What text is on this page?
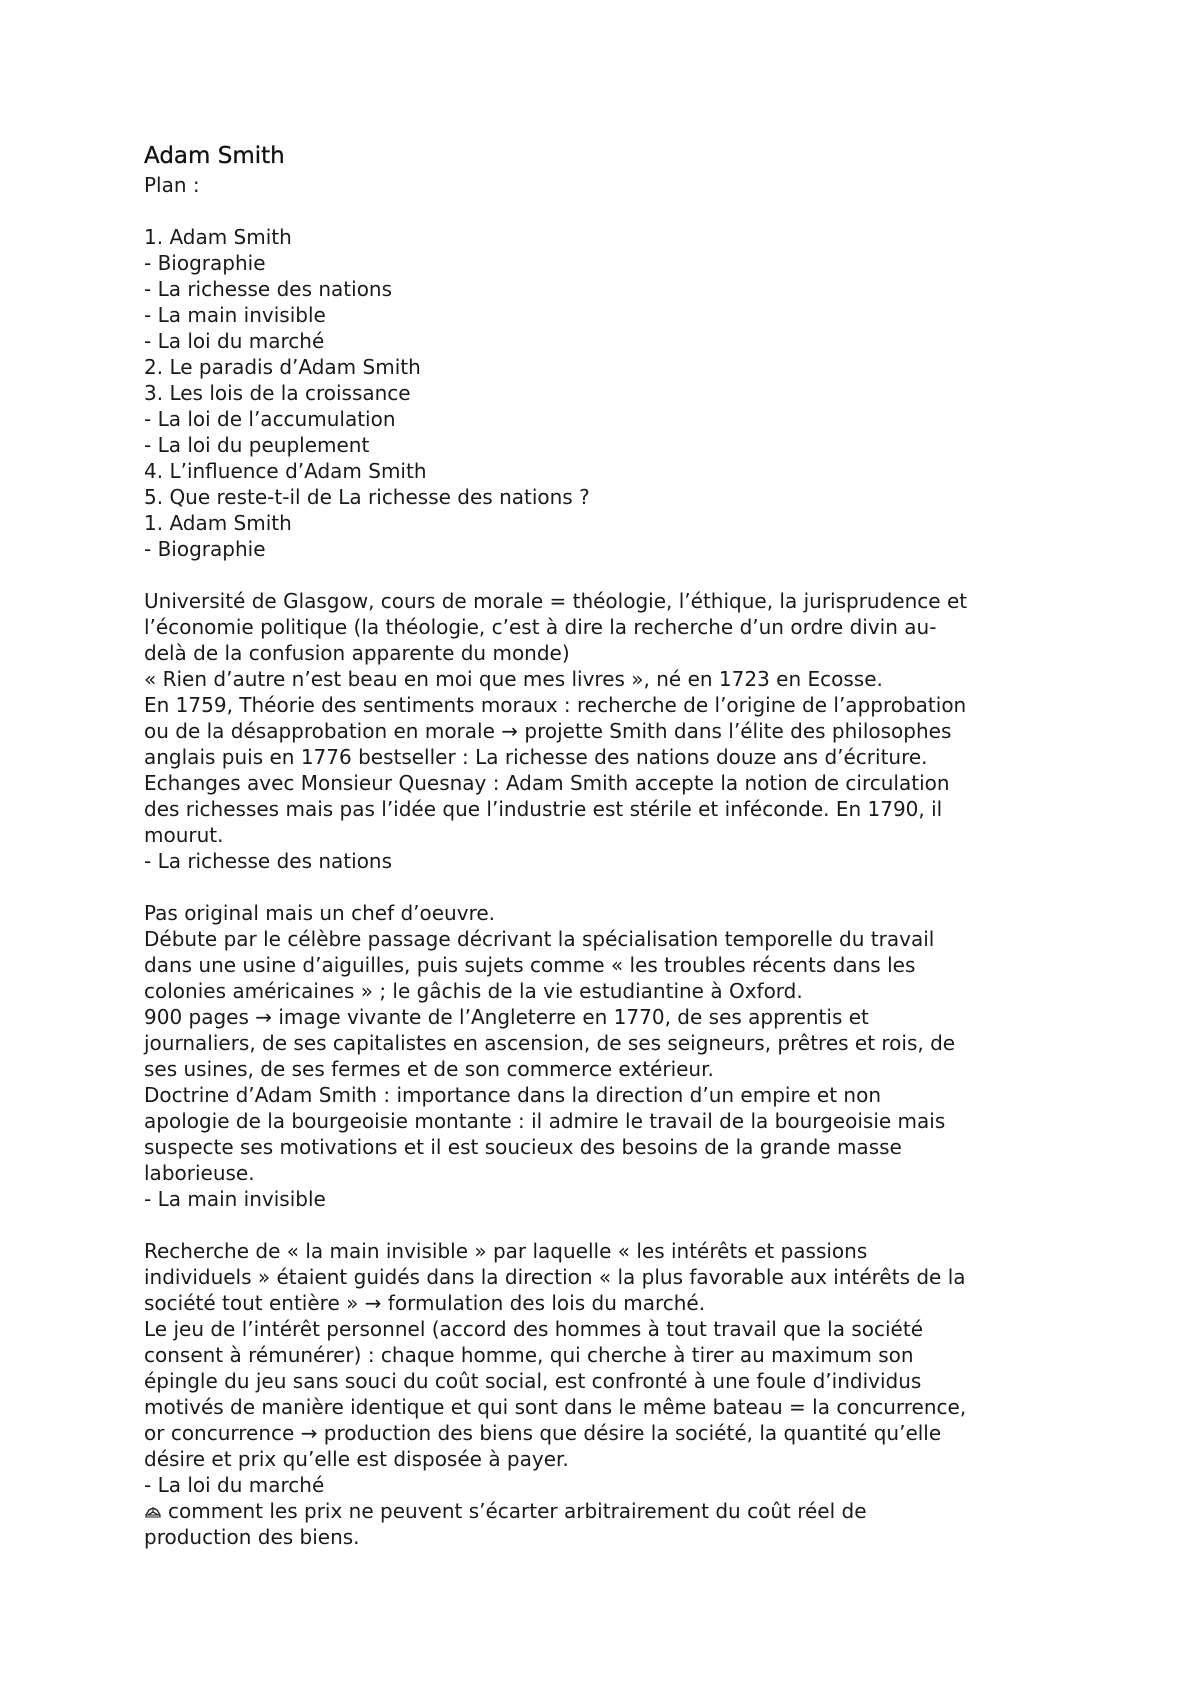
Adam Smith

Plan :

1. Adam Smith

- Biographie

- La richesse des nations

- La main invisible

- La loi du marché

2. Le paradis d’Adam Smith

3. Les lois de la croissance

- La loi de l’accumulation

- La loi du peuplement

4. L’influence d’Adam Smith

5. Que reste-t-il de La richesse des nations ?

1. Adam Smith

- Biographie

Université de Glasgow, cours de morale = théologie, l’éthique, la jurisprudence et

l’économie politique (la théologie, c’est à dire la recherche d’un ordre divin au-

delà de la confusion apparente du monde)

« Rien d’autre n’est beau en moi que mes livres », né en 1723 en Ecosse.

En 1759, Théorie des sentiments moraux : recherche de l’origine de l’approbation

ou de la désapprobation en morale → projette Smith dans l’élite des philosophes

anglais puis en 1776 bestseller : La richesse des nations douze ans d’écriture.

Echanges avec Monsieur Quesnay : Adam Smith accepte la notion de circulation

des richesses mais pas l’idée que l’industrie est stérile et inféconde. En 1790, il

mourut.

- La richesse des nations

Pas original mais un chef d’oeuvre.

Débute par le célèbre passage décrivant la spécialisation temporelle du travail

dans une usine d’aiguilles, puis sujets comme « les troubles récents dans les

colonies américaines » ; le gâchis de la vie estudiantine à Oxford.

900 pages → image vivante de l’Angleterre en 1770, de ses apprentis et

journaliers, de ses capitalistes en ascension, de ses seigneurs, prêtres et rois, de

ses usines, de ses fermes et de son commerce extérieur.

Doctrine d’Adam Smith : importance dans la direction d’un empire et non

apologie de la bourgeoisie montante : il admire le travail de la bourgeoisie mais

suspecte ses motivations et il est soucieux des besoins de la grande masse

laborieuse.

- La main invisible

Recherche de « la main invisible » par laquelle « les intérêts et passions

individuels » étaient guidés dans la direction « la plus favorable aux intérêts de la

société tout entière » → formulation des lois du marché.

Le jeu de l’intérêt personnel (accord des hommes à tout travail que la société

consent à rémunérer) : chaque homme, qui cherche à tirer au maximum son

épingle du jeu sans souci du coût social, est confronté à une foule d’individus

motivés de manière identique et qui sont dans le même bateau = la concurrence,

or concurrence → production des biens que désire la société, la quantité qu’elle

désire et prix qu’elle est disposée à payer.

- La loi du marché

comment les prix ne peuvent s’écarter arbitrairement du coût réel de

production des biens.
